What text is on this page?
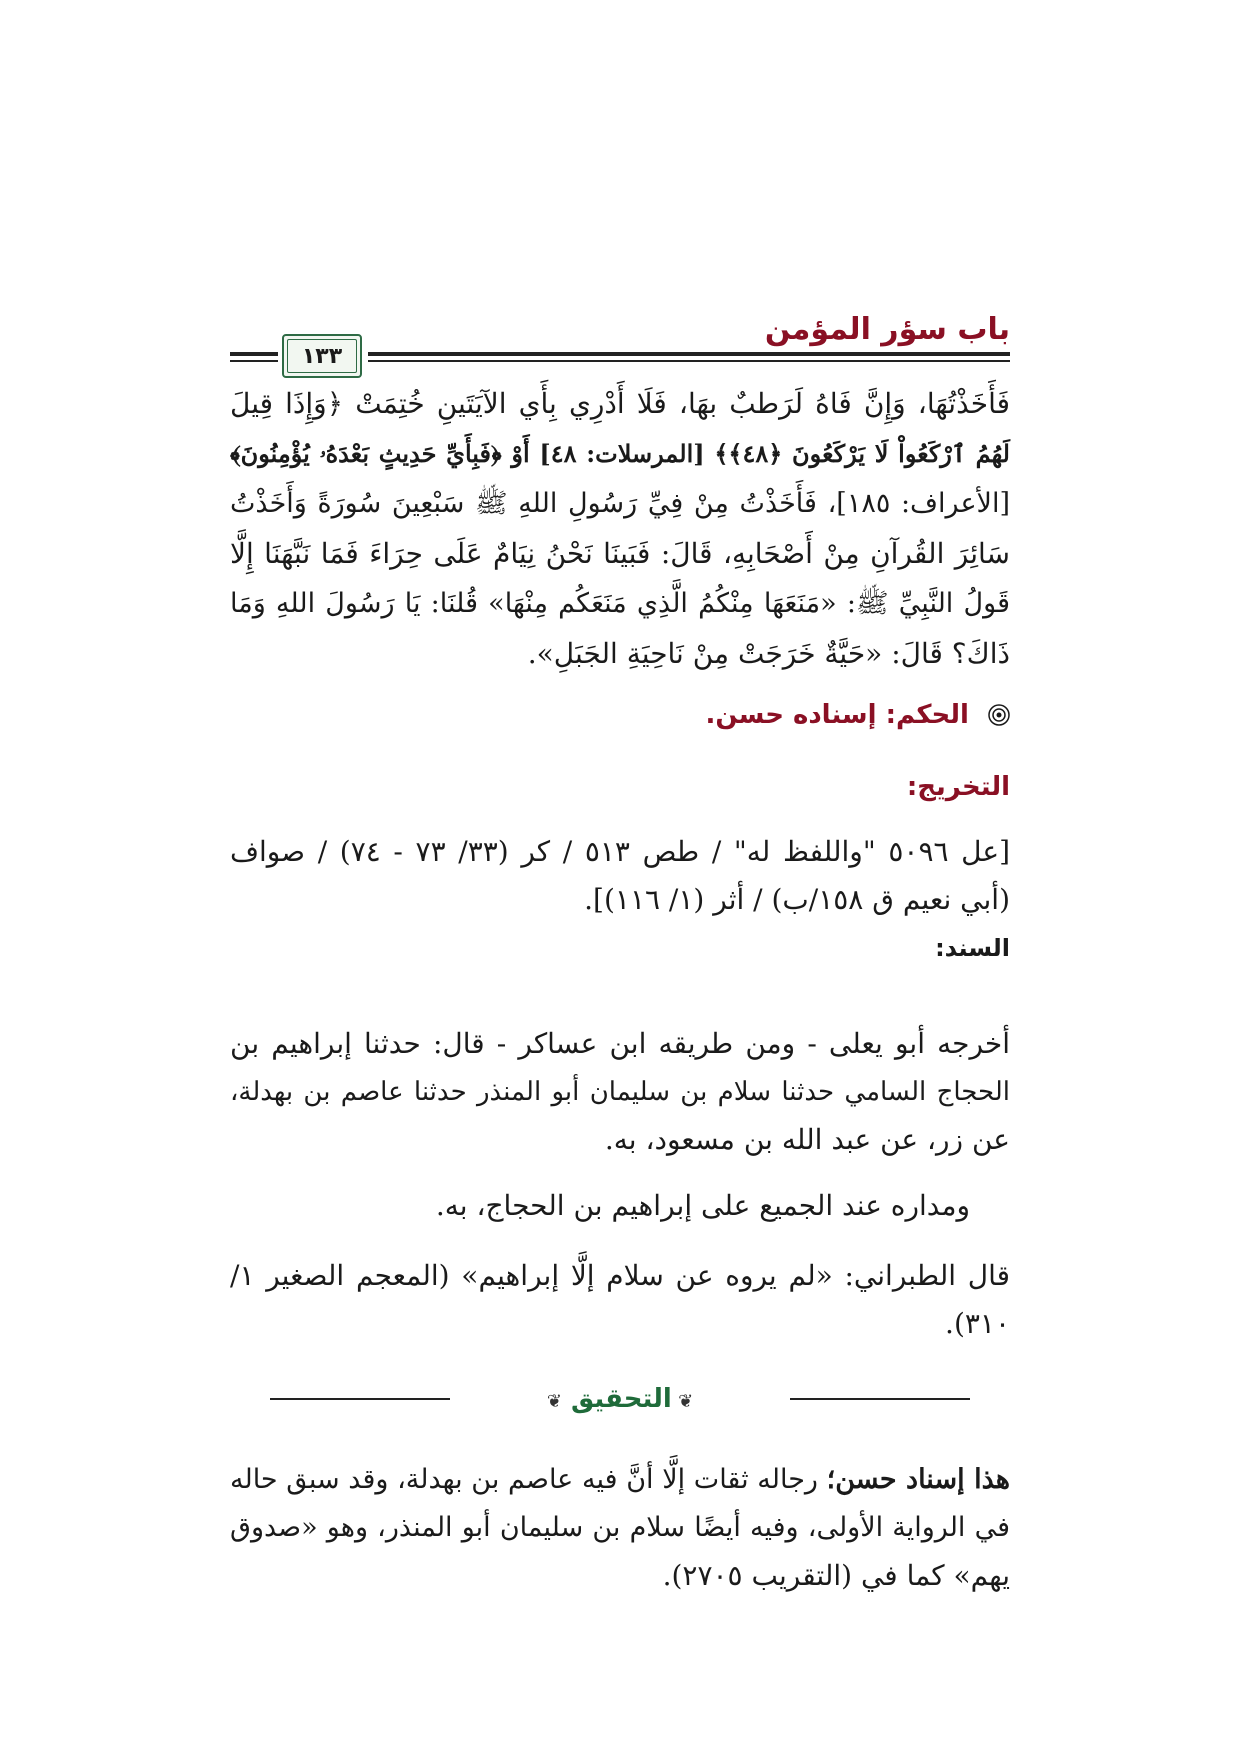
باب سؤر المؤمن
١٣٣
فَأَخَذْتُهَا، وَإِنَّ فَاهُ لَرَطبٌ بهَا، فَلَا أَدْرِي بِأَي الآيَتَينِ خُتِمَتْ ﴿وَإِذَا قِيلَ
لَهُمُ ٱرْكَعُواْ لَا يَرْكَعُونَ ﴿٤٨﴾﴾ [المرسلات: ٤٨] أَوْ ﴿فَبِأَيِّ حَدِيثٍ بَعْدَهُۥ يُؤْمِنُونَ﴾
[الأعراف: ١٨٥]، فَأَخَذْتُ مِنْ فِيِّ رَسُولِ اللهِ ﷺ سَبْعِينَ سُورَةً وَأَخَذْتُ
سَائِرَ القُرآنِ مِنْ أَصْحَابِهِ، قَالَ: فَبَينَا نَحْنُ نِيَامٌ عَلَى حِرَاءَ فَمَا نَبَّهَنَا إِلَّا
قَولُ النَّبِيِّ ﷺ: «مَنَعَهَا مِنْكُمُ الَّذِي مَنَعَكُم مِنْهَا» قُلنَا: يَا رَسُولَ اللهِ وَمَا
ذَاكَ؟ قَالَ: «حَيَّةٌ خَرَجَتْ مِنْ نَاحِيَةِ الجَبَلِ».
الحكم: إسناده حسن.
التخريج:
[عل ٥٠٩٦ "واللفظ له" / طص ٥١٣ / كر (٣٣/ ٧٣ - ٧٤) / صواف
(أبي نعيم ق ١٥٨/ب) / أثر (١/ ١١٦)].
السند:
أخرجه أبو يعلى - ومن طريقه ابن عساكر - قال: حدثنا إبراهيم بن
الحجاج السامي حدثنا سلام بن سليمان أبو المنذر حدثنا عاصم بن بهدلة،
عن زر، عن عبد الله بن مسعود، به.
ومداره عند الجميع على إبراهيم بن الحجاج، به.
قال الطبراني: «لم يروه عن سلام إلَّا إبراهيم» (المعجم الصغير ١/
٣١٠).
❦ التحقيق ❦
هذا إسناد حسن؛ رجاله ثقات إلَّا أنَّ فيه عاصم بن بهدلة، وقد سبق حاله
في الرواية الأولى، وفيه أيضًا سلام بن سليمان أبو المنذر، وهو «صدوق
يهم» كما في (التقريب ٢٧٠٥).
